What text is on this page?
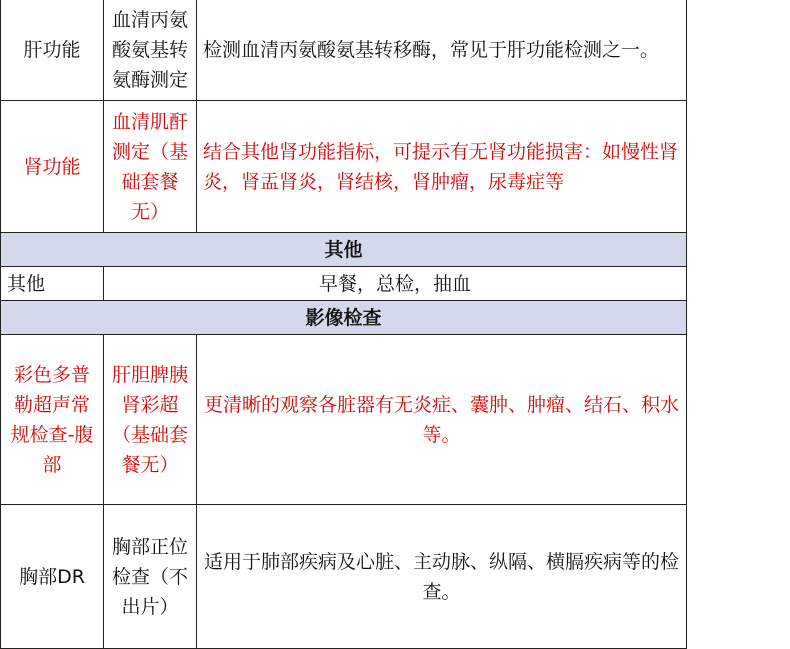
肝功能	血清丙氨酸氨基转氨酶测定	检测血清丙氨酸氨基转移酶，常见于肝功能检测之一。
肾功能	血清肌酐测定（基础套餐无）	结合其他肾功能指标，可提示有无肾功能损害：如慢性肾炎，肾盂肾炎，肾结核，肾肿瘤，尿毒症等
其他		
其他	早餐，总检，抽血	
影像检查		
彩色多普勒超声常规检查-腹部	肝胆脾胰肾彩超（基础套餐无）	更清晰的观察各脏器有无炎症、囊肿、肿瘤、结石、积水等。
胸部DR	胸部正位检查（不出片）	适用于肺部疾病及心脏、主动脉、纵隔、横膈疾病等的检查。
